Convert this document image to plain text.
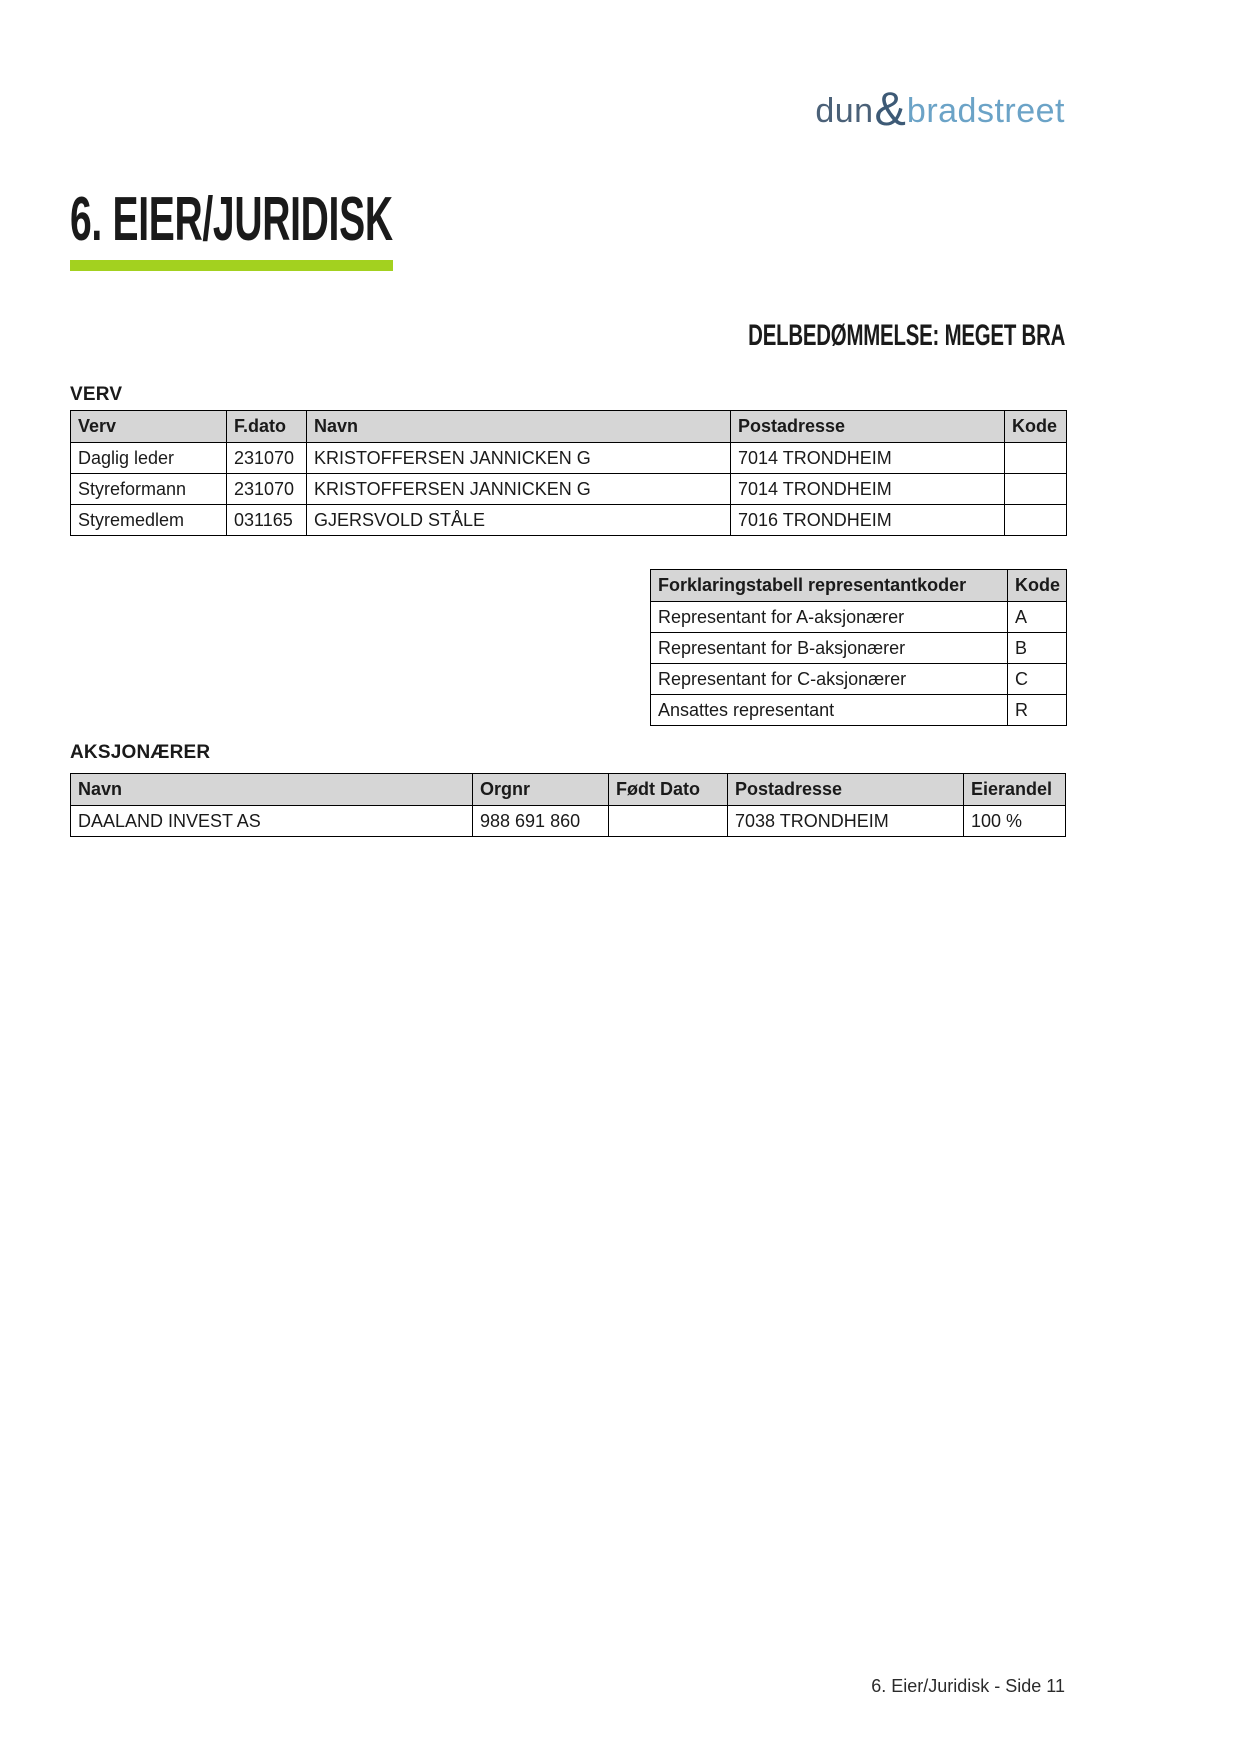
dun & bradstreet
6. EIER/JURIDISK
DELBEDØMMELSE: MEGET BRA
VERV
Verv	F.dato	Navn	Postadresse	Kode
Daglig leder	231070	KRISTOFFERSEN JANNICKEN G	7014 TRONDHEIM	
Styreformann	231070	KRISTOFFERSEN JANNICKEN G	7014 TRONDHEIM	
Styremedlem	031165	GJERSVOLD STÅLE	7016 TRONDHEIM	
Forklaringstabell representantkoder	Kode
Representant for A-aksjonærer	A
Representant for B-aksjonærer	B
Representant for C-aksjonærer	C
Ansattes representant	R
AKSJONÆRER
Navn	Orgnr	Født Dato	Postadresse	Eierandel
DAALAND INVEST AS	988 691 860		7038 TRONDHEIM	100 %
6. Eier/Juridisk - Side 11
